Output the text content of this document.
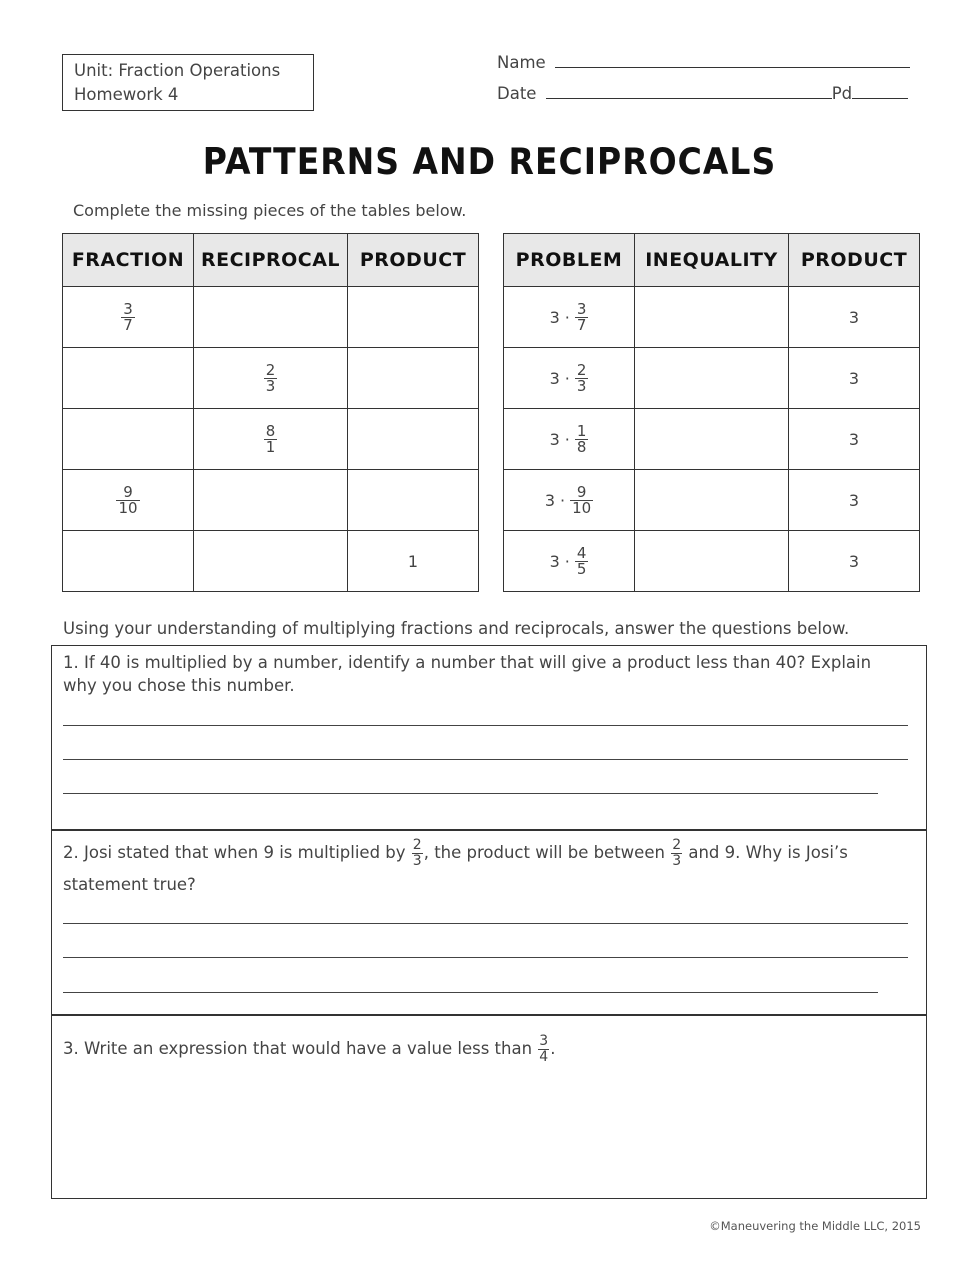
Unit: Fraction Operations
Homework 4
Name
Date	Pd
PATTERNS AND RECIPROCALS
Complete the missing pieces of the tables below.
FRACTION	RECIPROCAL	PRODUCT

$\frac{3}{7}$

	$\frac{2}{3}$

	$\frac{8}{1}$

$\frac{9}{10}$

		1
PROBLEM	INEQUALITY	PRODUCT

$3 \cdot \frac{3}{7}$		3

$3 \cdot \frac{2}{3}$		3

$3 \cdot \frac{1}{8}$		3

$3 \cdot \frac{9}{10}$		3

$3 \cdot \frac{4}{5}$		3
Using your understanding of multiplying fractions and reciprocals, answer the questions below.
1. If 40 is multiplied by a number, identify a number that will give a product less than 40? Explain
why you chose this number.
2. Josi stated that when 9 is multiplied by $\frac{2}{3}$ , the product will be between $\frac{2}{3}$ and 9. Why is Josi’s
statement true?
3. Write an expression that would have a value less than $\frac{3}{4}$ .
©Maneuvering the Middle LLC, 2015
